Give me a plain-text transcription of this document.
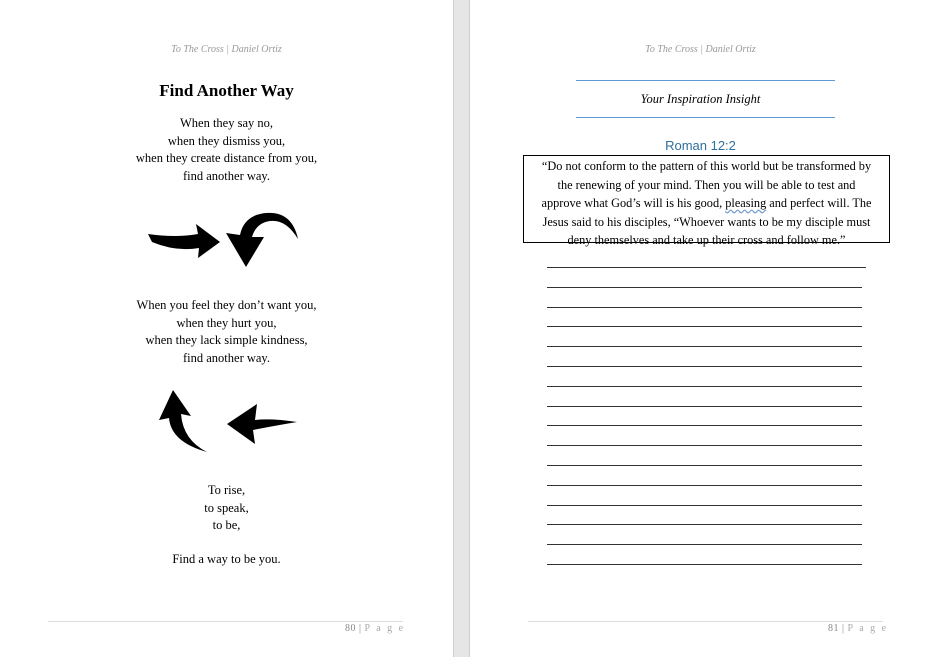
To The Cross | Daniel Ortiz
Find Another Way
When they say no,
when they dismiss you,
when they create distance from you,
find another way.
When you feel they don’t want you,
when they hurt you,
when they lack simple kindness,
find another way.
To rise,
to speak,
to be,
Find a way to be you.
80 | P a g e
To The Cross | Daniel Ortiz
Your Inspiration Insight
Roman 12:2
“Do not conform to the pattern of this world but be transformed by
the renewing of your mind. Then you will be able to test and
approve what God’s will is his good, pleasing and perfect will. The
Jesus said to his disciples, “Whoever wants to be my disciple must
deny themselves and take up their cross and follow me.”
81 | P a g e
